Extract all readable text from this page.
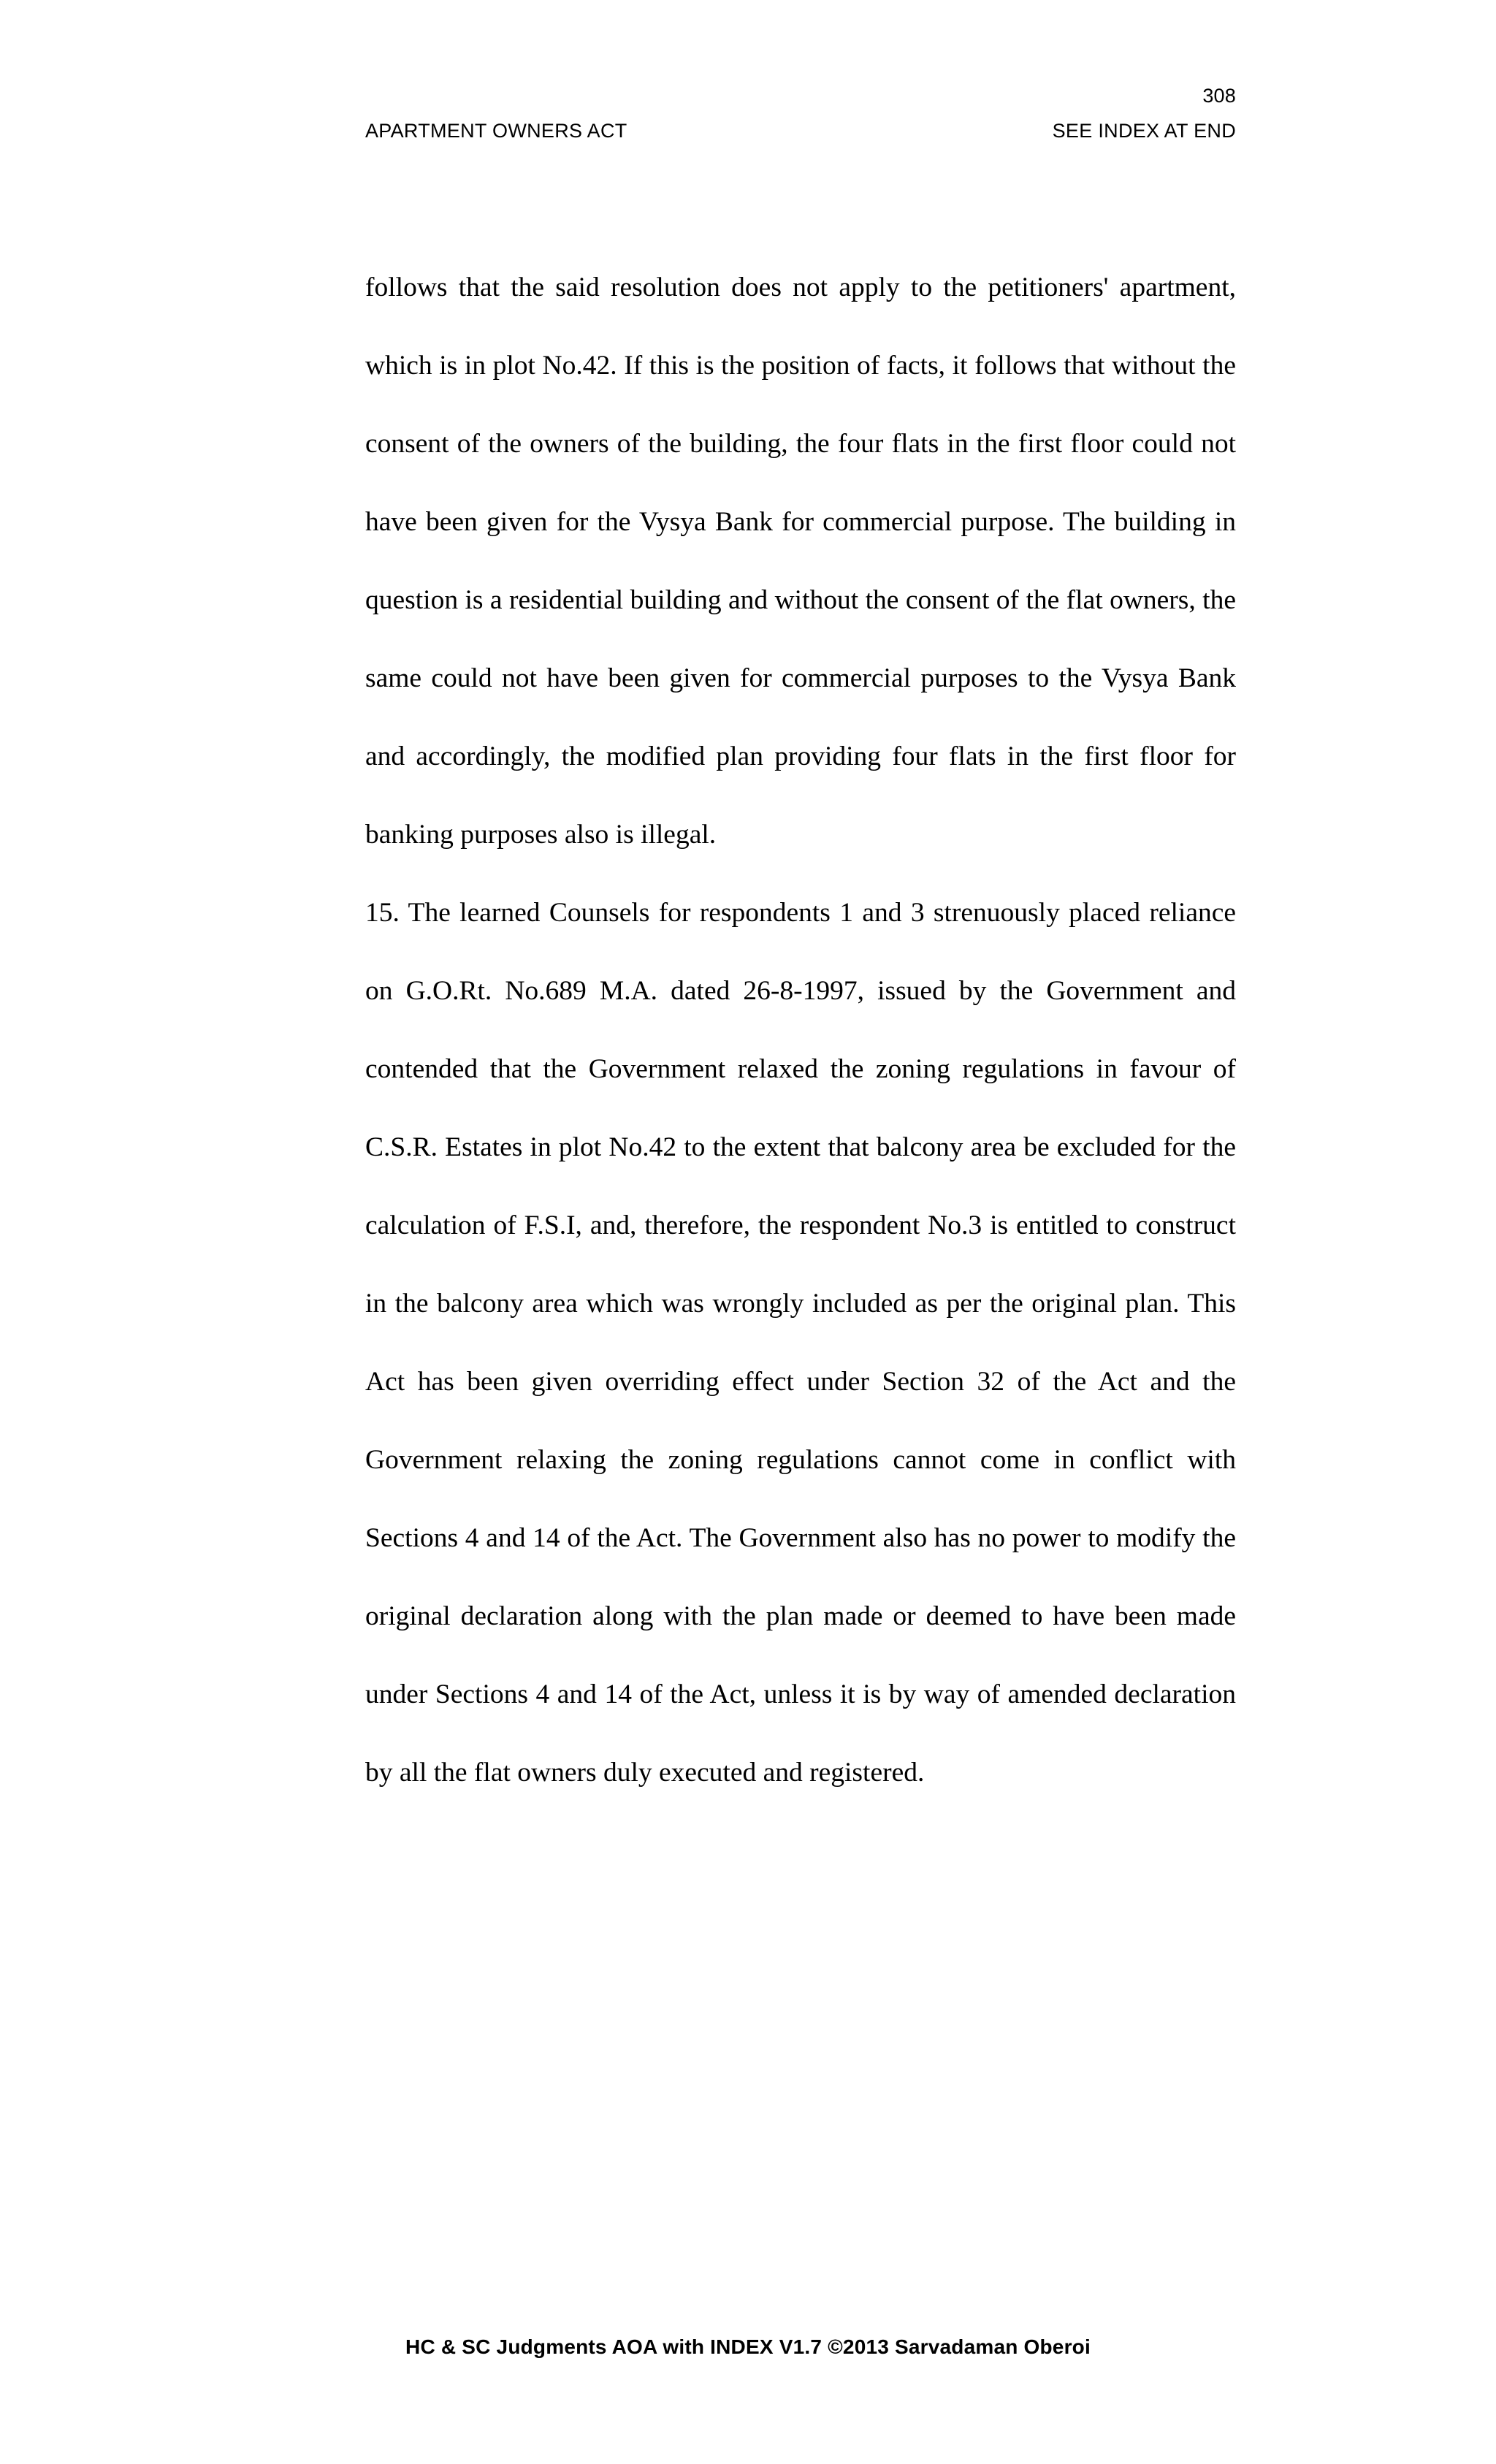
308
APARTMENT OWNERS ACT	SEE INDEX AT END

follows that the said resolution does not apply to the petitioners' apartment, which is in plot No.42. If this is the position of facts, it follows that without the consent of the owners of the building, the four flats in the first floor could not have been given for the Vysya Bank for commercial purpose. The building in question is a residential building and without the consent of the flat owners, the same could not have been given for commercial purposes to the Vysya Bank and accordingly, the modified plan providing four flats in the first floor for banking purposes also is illegal.

15. The learned Counsels for respondents 1 and 3 strenuously placed reliance on G.O.Rt. No.689 M.A. dated 26-8-1997, issued by the Government and contended that the Government relaxed the zoning regulations in favour of C.S.R. Estates in plot No.42 to the extent that balcony area be excluded for the calculation of F.S.I, and, therefore, the respondent No.3 is entitled to construct in the balcony area which was wrongly included as per the original plan. This Act has been given overriding effect under Section 32 of the Act and the Government relaxing the zoning regulations cannot come in conflict with Sections 4 and 14 of the Act. The Government also has no power to modify the original declaration along with the plan made or deemed to have been made under Sections 4 and 14 of the Act, unless it is by way of amended declaration by all the flat owners duly executed and registered.

HC & SC Judgments AOA with INDEX V1.7 ©2013 Sarvadaman Oberoi
